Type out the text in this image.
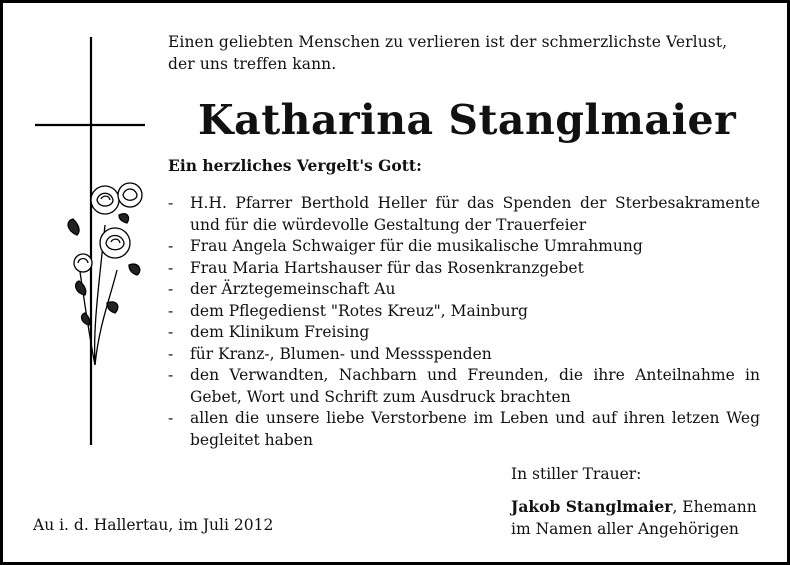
Einen geliebten Menschen zu verlieren ist der schmerzlichste Verlust,
der uns treffen kann.
Katharina Stanglmaier
Ein herzliches Vergelt's Gott:
- H.H. Pfarrer Berthold Heller für das Spenden der Sterbesakramente und für die würdevolle Gestaltung der Trauerfeier
- Frau Angela Schwaiger für die musikalische Umrahmung
- Frau Maria Hartshauser für das Rosenkranzgebet
- der Ärztegemeinschaft Au
- dem Pflegedienst "Rotes Kreuz", Mainburg
- dem Klinikum Freising
- für Kranz-, Blumen- und Messspenden
- den Verwandten, Nachbarn und Freunden, die ihre Anteilnahme in Gebet, Wort und Schrift zum Ausdruck brachten
- allen die unsere liebe Verstorbene im Leben und auf ihren letzen Weg begleitet haben
Au i. d. Hallertau, im Juli 2012
In stiller Trauer:
Jakob Stanglmaier, Ehemann
im Namen aller Angehörigen
